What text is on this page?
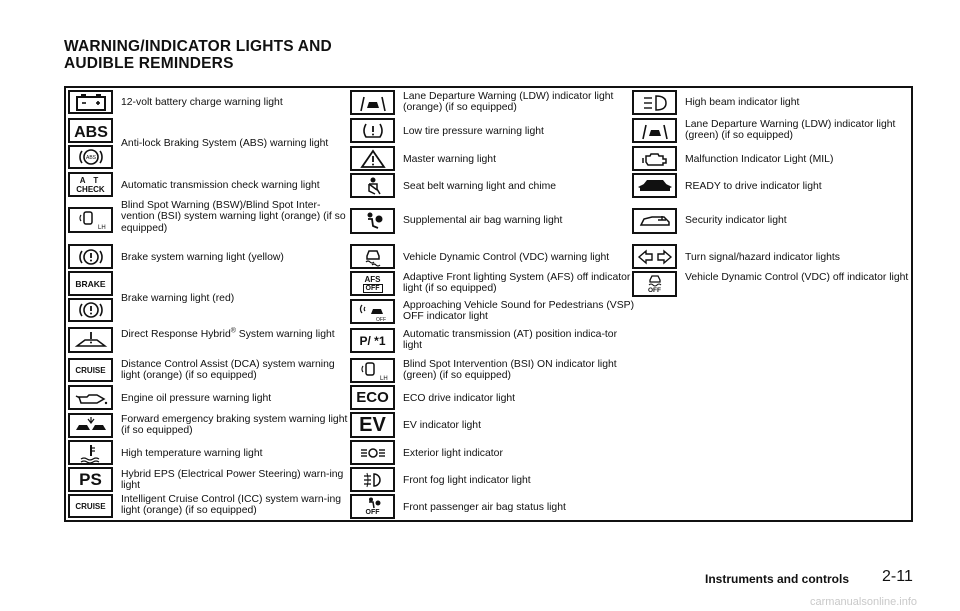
WARNING/INDICATOR LIGHTS AND
AUDIBLE REMINDERS
12-volt battery charge warning light
ABS
ABS
Anti-lock Braking System (ABS) warning light
A T
CHECK Automatic transmission check warning light
LH
Blind Spot Warning (BSW)/Blind Spot Inter-vention (BSI) system warning light (orange) (if so equipped)
Brake system warning light (yellow)
BRAKE
Brake warning light (red)
Direct Response Hybrid® System warning light
CRUISE Distance Control Assist (DCA) system warning light (orange) (if so equipped)
Engine oil pressure warning light
Forward emergency braking system warning light (if so equipped)
High temperature warning light
PS Hybrid EPS (Electrical Power Steering) warn-ing light
CRUISE
Intelligent Cruise Control (ICC) system warn-ing light (orange) (if so equipped)
Lane Departure Warning (LDW) indicator light (orange) (if so equipped)
Low tire pressure warning light
Master warning light
Seat belt warning light and chime
Supplemental air bag warning light
Vehicle Dynamic Control (VDC) warning light
AFS
OFF
Adaptive Front lighting System (AFS) off indicator light (if so equipped)
OFF
Approaching Vehicle Sound for Pedestrians (VSP) OFF indicator light
P/ *1 Automatic transmission (AT) position indica-tor light
LH
Blind Spot Intervention (BSI) ON indicator light (green) (if so equipped)
ECO ECO drive indicator light
EV EV indicator light
Exterior light indicator
Front fog light indicator light
OFF Front passenger air bag status light
High beam indicator light
Lane Departure Warning (LDW) indicator light (green) (if so equipped)
Malfunction Indicator Light (MIL)
READY to drive indicator light
Security indicator light
Turn signal/hazard indicator lights
OFF
Vehicle Dynamic Control (VDC) off indicator light
Instruments and controls 2-11
carmanualsonline.info
